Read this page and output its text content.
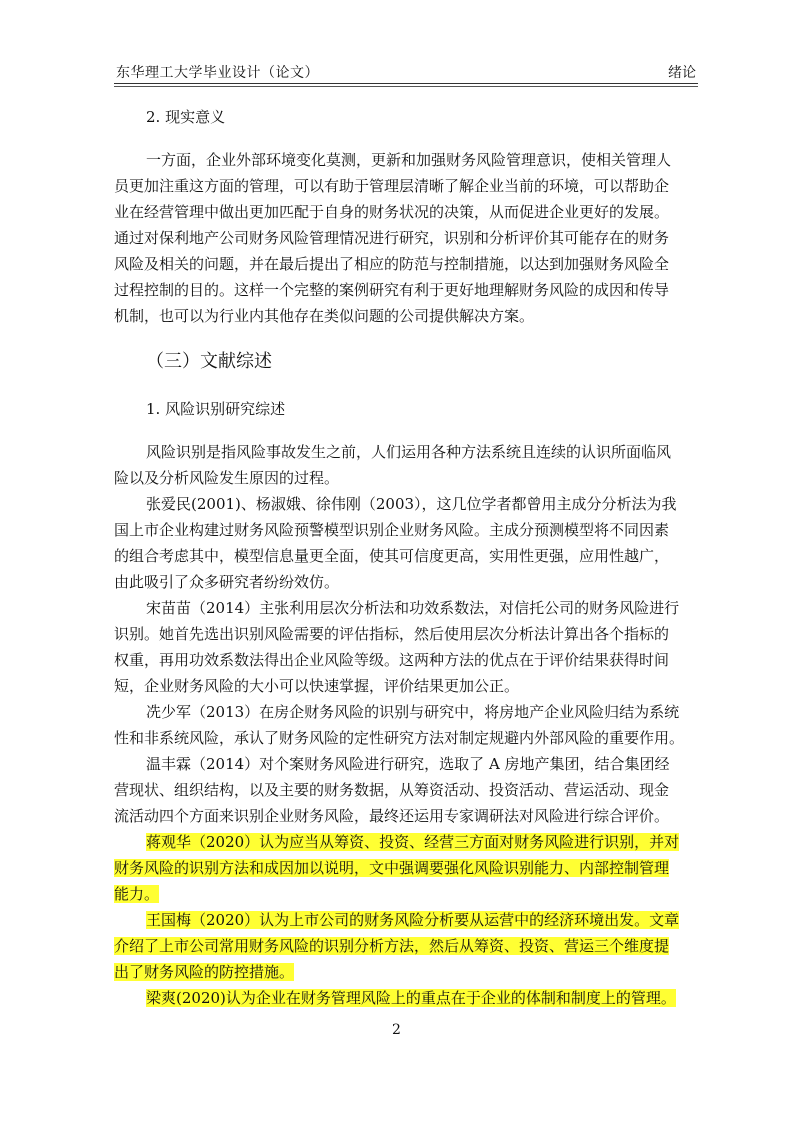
东华理工大学毕业设计（论文）	绪论
2. 现实意义
一方面，企业外部环境变化莫测，更新和加强财务风险管理意识，使相关管理人
员更加注重这方面的管理，可以有助于管理层清晰了解企业当前的环境，可以帮助企
业在经营管理中做出更加匹配于自身的财务状况的决策，从而促进企业更好的发展。
通过对保利地产公司财务风险管理情况进行研究，识别和分析评价其可能存在的财务
风险及相关的问题，并在最后提出了相应的防范与控制措施，以达到加强财务风险全
过程控制的目的。这样一个完整的案例研究有利于更好地理解财务风险的成因和传导
机制，也可以为行业内其他存在类似问题的公司提供解决方案。
（三）文献综述
1. 风险识别研究综述
风险识别是指风险事故发生之前，人们运用各种方法系统且连续的认识所面临风
险以及分析风险发生原因的过程。
张爱民(2001)、杨淑娥、徐伟刚（2003），这几位学者都曾用主成分分析法为我
国上市企业构建过财务风险预警模型识别企业财务风险。主成分预测模型将不同因素
的组合考虑其中，模型信息量更全面，使其可信度更高，实用性更强，应用性越广，
由此吸引了众多研究者纷纷效仿。
宋苗苗（2014）主张利用层次分析法和功效系数法，对信托公司的财务风险进行
识别。她首先选出识别风险需要的评估指标，然后使用层次分析法计算出各个指标的
权重，再用功效系数法得出企业风险等级。这两种方法的优点在于评价结果获得时间
短，企业财务风险的大小可以快速掌握，评价结果更加公正。
冼少军（2013）在房企财务风险的识别与研究中，将房地产企业风险归结为系统
性和非系统风险，承认了财务风险的定性研究方法对制定规避内外部风险的重要作用。
温丰霖（2014）对个案财务风险进行研究，选取了 A 房地产集团，结合集团经
营现状、组织结构，以及主要的财务数据，从筹资活动、投资活动、营运活动、现金
流活动四个方面来识别企业财务风险，最终还运用专家调研法对风险进行综合评价。
蒋观华（2020）认为应当从筹资、投资、经营三方面对财务风险进行识别，并对
财务风险的识别方法和成因加以说明，文中强调要强化风险识别能力、内部控制管理
能力。
王国梅（2020）认为上市公司的财务风险分析要从运营中的经济环境出发。文章
介绍了上市公司常用财务风险的识别分析方法，然后从筹资、投资、营运三个维度提
出了财务风险的防控措施。
梁爽(2020)认为企业在财务管理风险上的重点在于企业的体制和制度上的管理。
2
